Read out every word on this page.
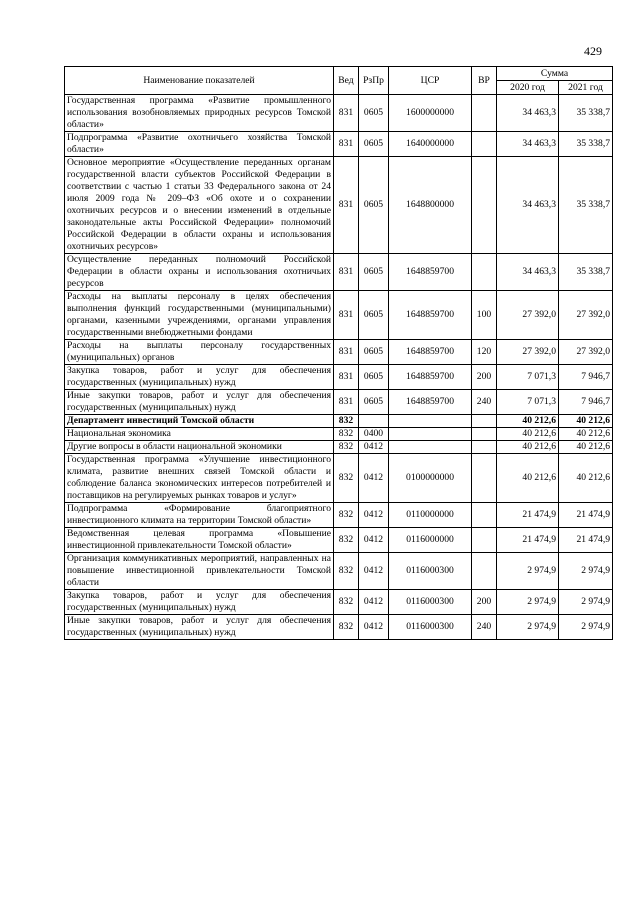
429
Наименование показателей	Вед	РзПр	ЦСР	ВР	Сумма	
					2020 год	2021 год
Государственная программа «Развитие промышленного использования возобновляемых природных ресурсов Томской области»	831	0605	1600000000		34 463,3	35 338,7
Подпрограмма «Развитие охотничьего хозяйства Томской области»	831	0605	1640000000		34 463,3	35 338,7
Основное мероприятие «Осуществление переданных органам государственной власти субъектов Российской Федерации в соответствии с частью 1 статьи 33 Федерального закона от 24 июля 2009 года № 209–ФЗ «Об охоте и о сохранении охотничьих ресурсов и о внесении изменений в отдельные законодательные акты Российской Федерации» полномочий Российской Федерации в области охраны и использования охотничьих ресурсов»	831	0605	1648800000		34 463,3	35 338,7
Осуществление переданных полномочий Российской Федерации в области охраны и использования охотничьих ресурсов	831	0605	1648859700		34 463,3	35 338,7
Расходы на выплаты персоналу в целях обеспечения выполнения функций государственными (муниципальными) органами, казенными учреждениями, органами управления государственными внебюджетными фондами	831	0605	1648859700	100	27 392,0	27 392,0
Расходы на выплаты персоналу государственных (муниципальных) органов	831	0605	1648859700	120	27 392,0	27 392,0
Закупка товаров, работ и услуг для обеспечения государственных (муниципальных) нужд	831	0605	1648859700	200	7 071,3	7 946,7
Иные закупки товаров, работ и услуг для обеспечения государственных (муниципальных) нужд	831	0605	1648859700	240	7 071,3	7 946,7
Департамент инвестиций Томской области	832				40 212,6	40 212,6
Национальная экономика	832	0400			40 212,6	40 212,6
Другие вопросы в области национальной экономики	832	0412			40 212,6	40 212,6
Государственная программа «Улучшение инвестиционного климата, развитие внешних связей Томской области и соблюдение баланса экономических интересов потребителей и поставщиков на регулируемых рынках товаров и услуг»	832	0412	0100000000		40 212,6	40 212,6
Подпрограмма «Формирование благоприятного инвестиционного климата на территории Томской области»	832	0412	0110000000		21 474,9	21 474,9
Ведомственная целевая программа «Повышение инвестиционной привлекательности Томской области»	832	0412	0116000000		21 474,9	21 474,9
Организация коммуникативных мероприятий, направленных на повышение инвестиционной привлекательности Томской области	832	0412	0116000300		2 974,9	2 974,9
Закупка товаров, работ и услуг для обеспечения государственных (муниципальных) нужд	832	0412	0116000300	200	2 974,9	2 974,9
Иные закупки товаров, работ и услуг для обеспечения государственных (муниципальных) нужд	832	0412	0116000300	240	2 974,9	2 974,9
